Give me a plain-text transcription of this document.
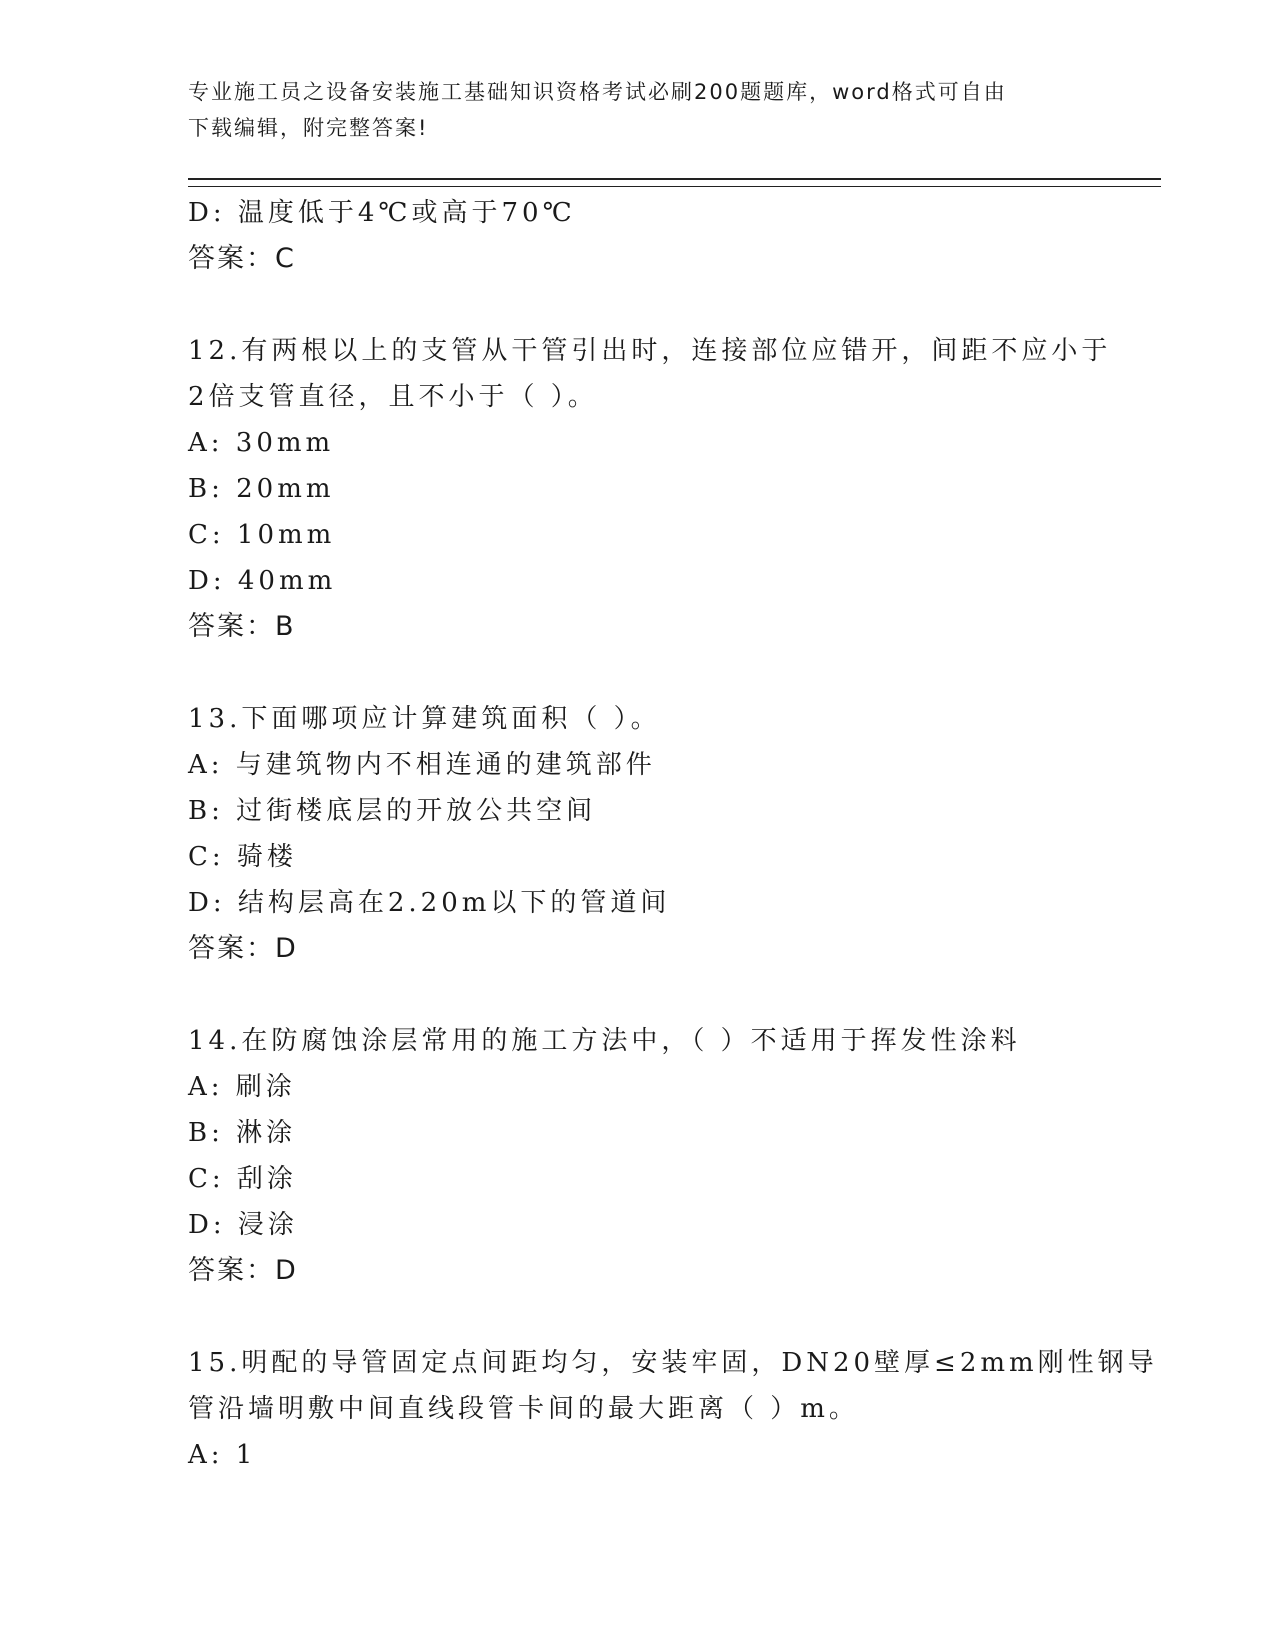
专业施工员之设备安装施工基础知识资格考试必刷200题题库，word格式可自由
下载编辑，附完整答案!
D: 温度低于4℃或高于70℃
答案：C
12.有两根以上的支管从干管引出时，连接部位应错开，间距不应小于
2倍支管直径，且不小于（ ）。
A: 30mm
B: 20mm
C: 10mm
D: 40mm
答案：B
13.下面哪项应计算建筑面积（ ）。
A: 与建筑物内不相连通的建筑部件
B: 过街楼底层的开放公共空间
C: 骑楼
D: 结构层高在2.20m以下的管道间
答案：D
14.在防腐蚀涂层常用的施工方法中，（ ）不适用于挥发性涂料
A: 刷涂
B: 淋涂
C: 刮涂
D: 浸涂
答案：D
15.明配的导管固定点间距均匀，安装牢固，DN20壁厚≤2mm刚性钢导
管沿墙明敷中间直线段管卡间的最大距离（ ）m。
A: 1
